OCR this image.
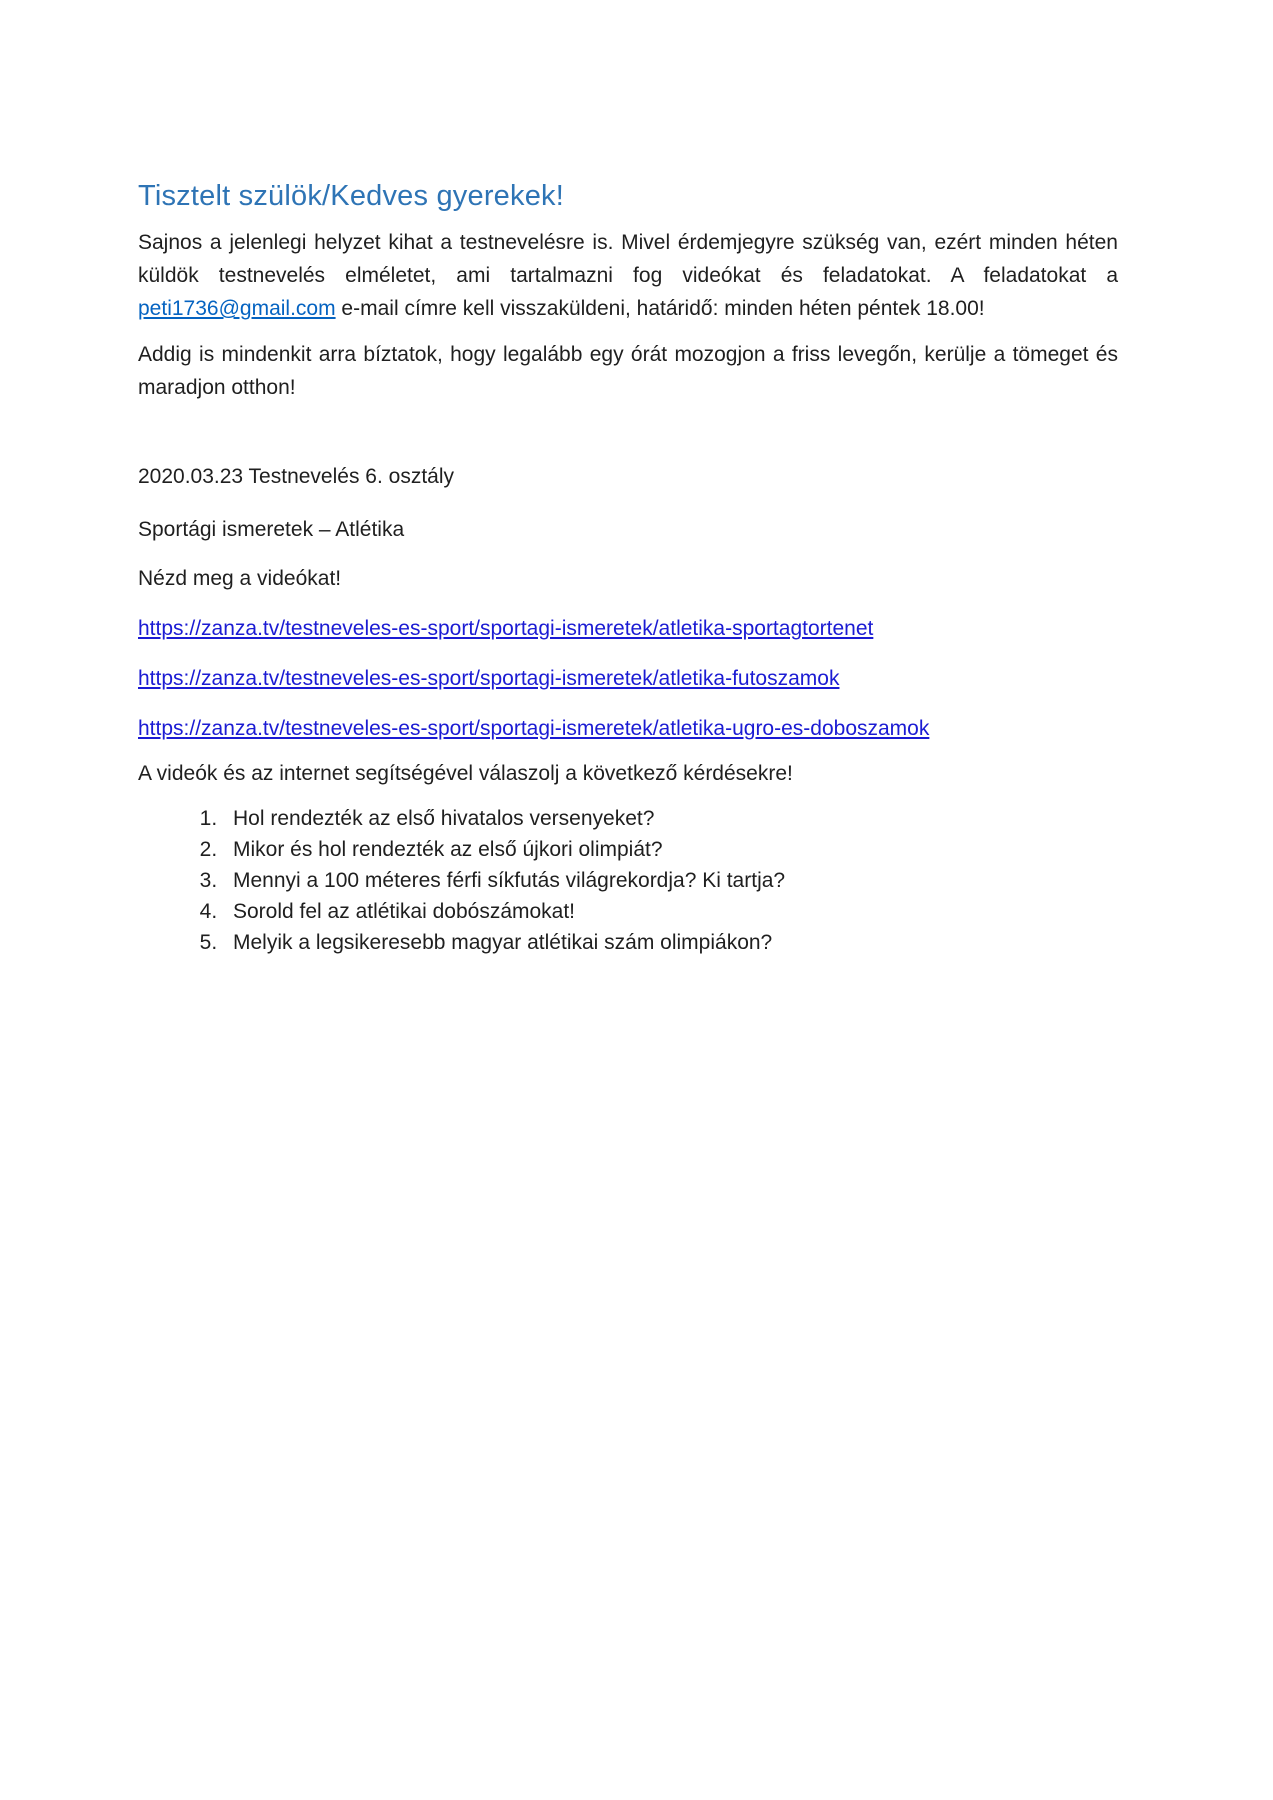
Tisztelt szülök/Kedves gyerekek!

Sajnos a jelenlegi helyzet kihat a testnevelésre is. Mivel érdemjegyre szükség van, ezért minden héten küldök testnevelés elméletet, ami tartalmazni fog videókat és feladatokat. A feladatokat a peti1736@gmail.com e-mail címre kell visszaküldeni, határidő: minden héten péntek 18.00!

Addig is mindenkit arra bíztatok, hogy legalább egy órát mozogjon a friss levegőn, kerülje a tömeget és maradjon otthon!

2020.03.23 Testnevelés 6. osztály

Sportági ismeretek – Atlétika

Nézd meg a videókat!

https://zanza.tv/testneveles-es-sport/sportagi-ismeretek/atletika-sportagtortenet

https://zanza.tv/testneveles-es-sport/sportagi-ismeretek/atletika-futoszamok

https://zanza.tv/testneveles-es-sport/sportagi-ismeretek/atletika-ugro-es-doboszamok

A videók és az internet segítségével válaszolj a következő kérdésekre!

1. Hol rendezték az első hivatalos versenyeket?
2. Mikor és hol rendezték az első újkori olimpiát?
3. Mennyi a 100 méteres férfi síkfutás világrekordja? Ki tartja?
4. Sorold fel az atlétikai dobószámokat!
5. Melyik a legsikeresebb magyar atlétikai szám olimpiákon?
